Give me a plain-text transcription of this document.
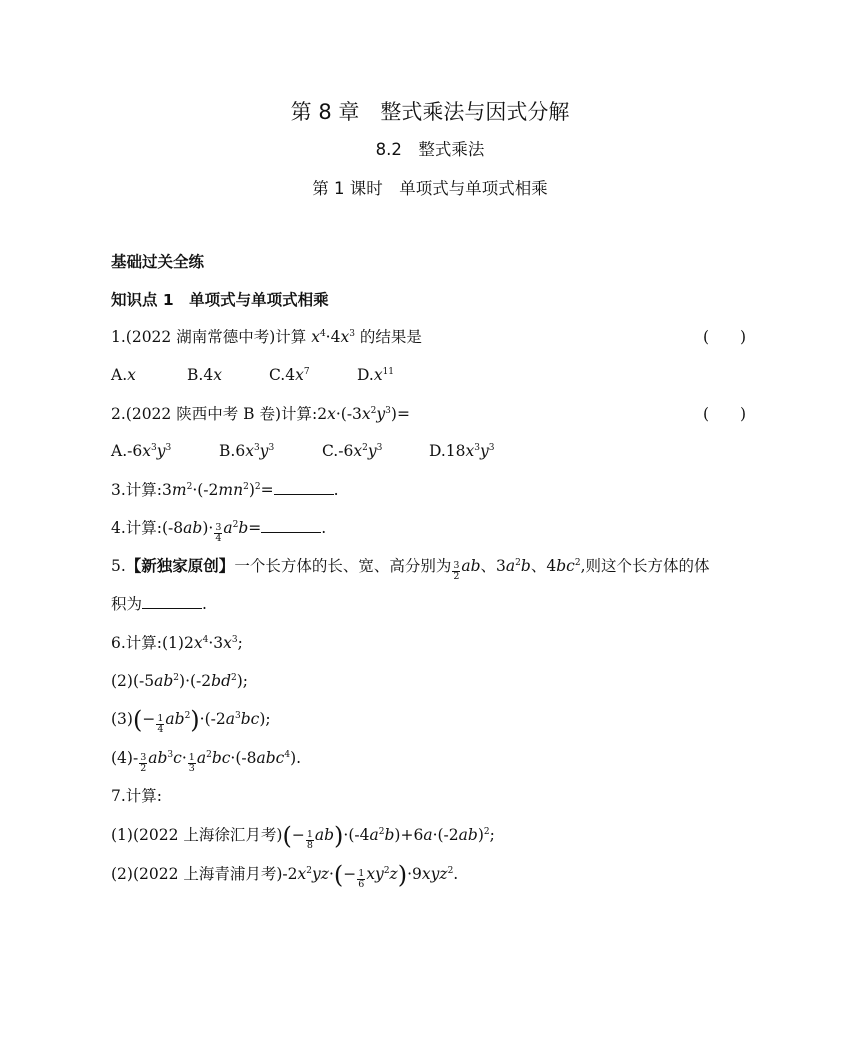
第 8 章　整式乘法与因式分解
8.2　整式乘法
第 1 课时　单项式与单项式相乘
基础过关全练
知识点 1　单项式与单项式相乘
1.(2022 湖南常德中考)计算 $x^4\cdot 4x^3$ 的结果是	(　　)
A.x	B.4x	$C.4x^7$	$D.x^{11}$
2.(2022 陕西中考 B 卷)计算$:2x\cdot(-3x^2y^3)=$	(　　)
$A.-6x^3y^3$	$B.6x^3y^3$	$C.-6x^2y^3$	$D.18x^3y^3$
3.计算$:3m^2\cdot(-2mn^2)^2=$	.
4.计算:(-8ab)· $\frac{3}{4} a^2b=$	.
5.【新独家原创】一个长方体的长、宽、高分别为 $\frac{3}{2}$ ab、$3a^2b$、$4bc^2$,则这个长方体的体
积为	.
6.计算$:(1)2x^4\cdot 3x^3$;
$(2)(-5ab^2)\cdot(-2bd^2)$;
$(3)(- \frac{1}{4} ab^2)\cdot(-2a^3bc)$;
$(4)- \frac{3}{2} ab^3c\cdot \frac{1}{3} a^2bc\cdot(-8abc^4)$.
7.计算:
(1)(2022 上海徐汇月考)(− $\frac{1}{8} ab)\cdot(-4a^2b)+6a\cdot(-2ab)^2$;
(2)(2022 上海青浦月考)$-2x^2yz\cdot(- \frac{1}{6} xy^2z)\cdot 9xyz^2$.
